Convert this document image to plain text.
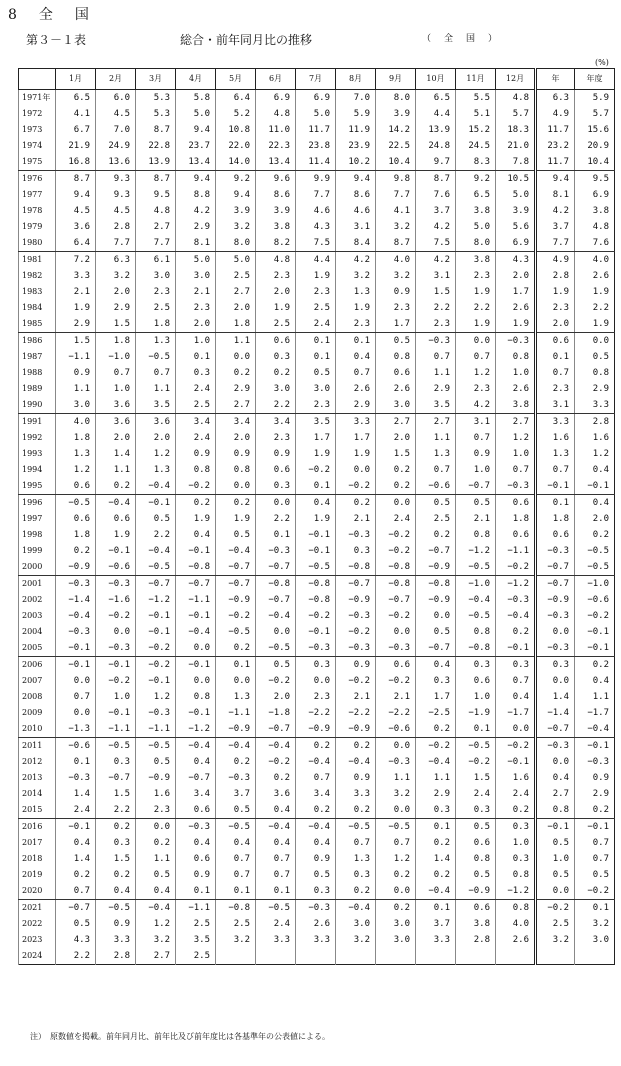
8　全　国
第３－１表	総合・前年同月比の推移	（　全　国　）
(%)
	1月	2月	3月	4月	5月	6月	7月	8月	9月	10月	11月	12月	年	年度
1971年	6.5	6.0	5.3	5.8	6.4	6.9	6.9	7.0	8.0	6.5	5.5	4.8	6.3	5.9
1972	4.1	4.5	5.3	5.0	5.2	4.8	5.0	5.9	3.9	4.4	5.1	5.7	4.9	5.7
1973	6.7	7.0	8.7	9.4	10.8	11.0	11.7	11.9	14.2	13.9	15.2	18.3	11.7	15.6
1974	21.9	24.9	22.8	23.7	22.0	22.3	23.8	23.9	22.5	24.8	24.5	21.0	23.2	20.9
1975	16.8	13.6	13.9	13.4	14.0	13.4	11.4	10.2	10.4	9.7	8.3	7.8	11.7	10.4
1976	8.7	9.3	8.7	9.4	9.2	9.6	9.9	9.4	9.8	8.7	9.2	10.5	9.4	9.5
1977	9.4	9.3	9.5	8.8	9.4	8.6	7.7	8.6	7.7	7.6	6.5	5.0	8.1	6.9
1978	4.5	4.5	4.8	4.2	3.9	3.9	4.6	4.6	4.1	3.7	3.8	3.9	4.2	3.8
1979	3.6	2.8	2.7	2.9	3.2	3.8	4.3	3.1	3.2	4.2	5.0	5.6	3.7	4.8
1980	6.4	7.7	7.7	8.1	8.0	8.2	7.5	8.4	8.7	7.5	8.0	6.9	7.7	7.6
1981	7.2	6.3	6.1	5.0	5.0	4.8	4.4	4.2	4.0	4.2	3.8	4.3	4.9	4.0
1982	3.3	3.2	3.0	3.0	2.5	2.3	1.9	3.2	3.2	3.1	2.3	2.0	2.8	2.6
1983	2.1	2.0	2.3	2.1	2.7	2.0	2.3	1.3	0.9	1.5	1.9	1.7	1.9	1.9
1984	1.9	2.9	2.5	2.3	2.0	1.9	2.5	1.9	2.3	2.2	2.2	2.6	2.3	2.2
1985	2.9	1.5	1.8	2.0	1.8	2.5	2.4	2.3	1.7	2.3	1.9	1.9	2.0	1.9
1986	1.5	1.8	1.3	1.0	1.1	0.6	0.1	0.1	0.5	−0.3	0.0	−0.3	0.6	0.0
1987	−1.1	−1.0	−0.5	0.1	0.0	0.3	0.1	0.4	0.8	0.7	0.7	0.8	0.1	0.5
1988	0.9	0.7	0.7	0.3	0.2	0.2	0.5	0.7	0.6	1.1	1.2	1.0	0.7	0.8
1989	1.1	1.0	1.1	2.4	2.9	3.0	3.0	2.6	2.6	2.9	2.3	2.6	2.3	2.9
1990	3.0	3.6	3.5	2.5	2.7	2.2	2.3	2.9	3.0	3.5	4.2	3.8	3.1	3.3
1991	4.0	3.6	3.6	3.4	3.4	3.4	3.5	3.3	2.7	2.7	3.1	2.7	3.3	2.8
1992	1.8	2.0	2.0	2.4	2.0	2.3	1.7	1.7	2.0	1.1	0.7	1.2	1.6	1.6
1993	1.3	1.4	1.2	0.9	0.9	0.9	1.9	1.9	1.5	1.3	0.9	1.0	1.3	1.2
1994	1.2	1.1	1.3	0.8	0.8	0.6	−0.2	0.0	0.2	0.7	1.0	0.7	0.7	0.4
1995	0.6	0.2	−0.4	−0.2	0.0	0.3	0.1	−0.2	0.2	−0.6	−0.7	−0.3	−0.1	−0.1
1996	−0.5	−0.4	−0.1	0.2	0.2	0.0	0.4	0.2	0.0	0.5	0.5	0.6	0.1	0.4
1997	0.6	0.6	0.5	1.9	1.9	2.2	1.9	2.1	2.4	2.5	2.1	1.8	1.8	2.0
1998	1.8	1.9	2.2	0.4	0.5	0.1	−0.1	−0.3	−0.2	0.2	0.8	0.6	0.6	0.2
1999	0.2	−0.1	−0.4	−0.1	−0.4	−0.3	−0.1	0.3	−0.2	−0.7	−1.2	−1.1	−0.3	−0.5
2000	−0.9	−0.6	−0.5	−0.8	−0.7	−0.7	−0.5	−0.8	−0.8	−0.9	−0.5	−0.2	−0.7	−0.5
2001	−0.3	−0.3	−0.7	−0.7	−0.7	−0.8	−0.8	−0.7	−0.8	−0.8	−1.0	−1.2	−0.7	−1.0
2002	−1.4	−1.6	−1.2	−1.1	−0.9	−0.7	−0.8	−0.9	−0.7	−0.9	−0.4	−0.3	−0.9	−0.6
2003	−0.4	−0.2	−0.1	−0.1	−0.2	−0.4	−0.2	−0.3	−0.2	0.0	−0.5	−0.4	−0.3	−0.2
2004	−0.3	0.0	−0.1	−0.4	−0.5	0.0	−0.1	−0.2	0.0	0.5	0.8	0.2	0.0	−0.1
2005	−0.1	−0.3	−0.2	0.0	0.2	−0.5	−0.3	−0.3	−0.3	−0.7	−0.8	−0.1	−0.3	−0.1
2006	−0.1	−0.1	−0.2	−0.1	0.1	0.5	0.3	0.9	0.6	0.4	0.3	0.3	0.3	0.2
2007	0.0	−0.2	−0.1	0.0	0.0	−0.2	0.0	−0.2	−0.2	0.3	0.6	0.7	0.0	0.4
2008	0.7	1.0	1.2	0.8	1.3	2.0	2.3	2.1	2.1	1.7	1.0	0.4	1.4	1.1
2009	0.0	−0.1	−0.3	−0.1	−1.1	−1.8	−2.2	−2.2	−2.2	−2.5	−1.9	−1.7	−1.4	−1.7
2010	−1.3	−1.1	−1.1	−1.2	−0.9	−0.7	−0.9	−0.9	−0.6	0.2	0.1	0.0	−0.7	−0.4
2011	−0.6	−0.5	−0.5	−0.4	−0.4	−0.4	0.2	0.2	0.0	−0.2	−0.5	−0.2	−0.3	−0.1
2012	0.1	0.3	0.5	0.4	0.2	−0.2	−0.4	−0.4	−0.3	−0.4	−0.2	−0.1	0.0	−0.3
2013	−0.3	−0.7	−0.9	−0.7	−0.3	0.2	0.7	0.9	1.1	1.1	1.5	1.6	0.4	0.9
2014	1.4	1.5	1.6	3.4	3.7	3.6	3.4	3.3	3.2	2.9	2.4	2.4	2.7	2.9
2015	2.4	2.2	2.3	0.6	0.5	0.4	0.2	0.2	0.0	0.3	0.3	0.2	0.8	0.2
2016	−0.1	0.2	0.0	−0.3	−0.5	−0.4	−0.4	−0.5	−0.5	0.1	0.5	0.3	−0.1	−0.1
2017	0.4	0.3	0.2	0.4	0.4	0.4	0.4	0.7	0.7	0.2	0.6	1.0	0.5	0.7
2018	1.4	1.5	1.1	0.6	0.7	0.7	0.9	1.3	1.2	1.4	0.8	0.3	1.0	0.7
2019	0.2	0.2	0.5	0.9	0.7	0.7	0.5	0.3	0.2	0.2	0.5	0.8	0.5	0.5
2020	0.7	0.4	0.4	0.1	0.1	0.1	0.3	0.2	0.0	−0.4	−0.9	−1.2	0.0	−0.2
2021	−0.7	−0.5	−0.4	−1.1	−0.8	−0.5	−0.3	−0.4	0.2	0.1	0.6	0.8	−0.2	0.1
2022	0.5	0.9	1.2	2.5	2.5	2.4	2.6	3.0	3.0	3.7	3.8	4.0	2.5	3.2
2023	4.3	3.3	3.2	3.5	3.2	3.3	3.3	3.2	3.0	3.3	2.8	2.6	3.2	3.0
2024	2.2	2.8	2.7	2.5										
注）　原数値を掲載。前年同月比、前年比及び前年度比は各基準年の公表値による。
